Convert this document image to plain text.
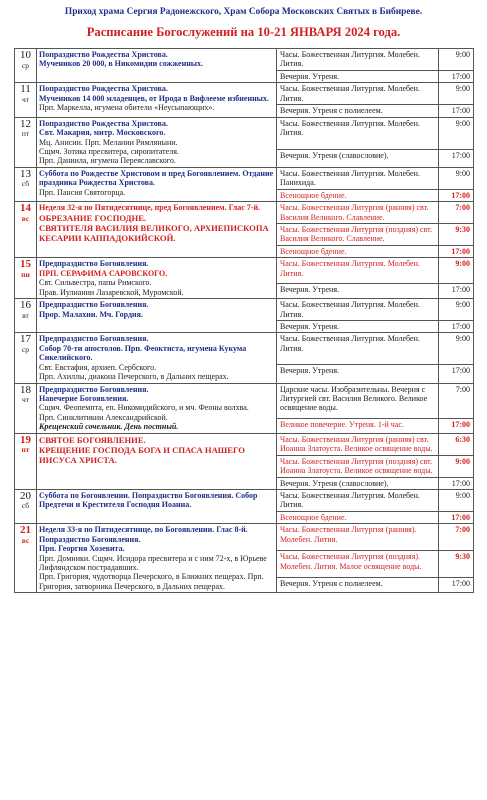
Приход храма Сергия Радонежского, Храм Собора Московских Святых в Бибиреве.
Расписание Богослужений на 10-21 ЯНВАРЯ 2024 года.
10
ср	Попразднство Рождества Христова.
Мучеников 20 000, в Никомидии сожженных.	Часы. Божественная Литургия. Молебен. Лития.	9:00
		Вечерня. Утреня.	17:00

11
чт	Попразднство Рождества Христова.
Мучеников 14 000 младенцев, от Ирода в Вифлееме избиенных.
Прп. Маркелла, игумена обители «Неусыпающих».	Часы. Божественная Литургия. Молебен. Лития.	9:00
		Вечерня. Утреня с полиелеем.	17:00

12
пт	Попразднство Рождества Христова.
Свт. Макария, митр. Московского.
Мц. Анисии. Прп. Мелании Римляныни.
Сщмч. Зотика пресвитера, сиропитателя.
Прп. Даниила, игумена Переяславского.	Часы. Божественная Литургия. Молебен. Лития.	9:00
		Вечерня. Утреня (славословие).	17:00

13
сб	Суббота по Рождестве Христовом и пред Богоявлением. Отдание праздника Рождества Христова.
Прп. Пансия Святогорца.	Часы. Божественная Литургия. Молебен. Панихида.	9:00
		Всенощное бдение.	17:00

14
вс	Неделя 32-я по Пятидесятнице, пред Богоявлением. Глас 7-й.
ОБРЕЗАНИЕ ГОСПОДНЕ.
СВЯТИТЕЛЯ ВАСИЛИЯ ВЕЛИКОГО, АРХИЕПИСКОПА КЕСАРИИ КАППАДОКИЙСКОЙ.	Часы. Божественная Литургия (ранняя) свт. Василия Великого. Славление.	7:00
		Часы. Божественная Литургия (поздняя) свт. Василия Великого. Славление.	9:30
		Всенощное бдение.	17:00

15
пн	Предпразднство Богоявления.
ПРП. СЕРАФИМА САРОВСКОГО.
Свт. Сильвестра, папы Римского.
Прав. Иулиании Лазаревской, Муромской.	Часы. Божественная Литургия. Молебен. Лития.	9:00
		Вечерня. Утреня.	17:00

16
вт	Предпразднство Богоявления.
Прор. Малахии. Мч. Гордия.	Часы. Божественная Литургия. Молебен. Лития.	9:00
		Вечерня. Утреня.	17:00

17
ср	Предпразднство Богоявления.
Собор 70-ти апостолов. Прп. Феоктиста, игумена Кукума Сикелийского.
Свт. Евстафия, архиеп. Сербского.
Прп. Ахиллы, диакона Печерского, в Дальних пещерах.	Часы. Божественная Литургия. Молебен. Лития.	9:00
		Вечерня. Утреня.	17:00

18
чт	Предпразднство Богоявления.
Навечерие Богоявления.
Сщмч. Феопемпта, еп. Никомидийского, и мч. Феоны волхва.
Прп. Синклитикии Александрийской.
Крещенский сочельник. День постный.	Царские часы. Изобразительны. Вечерня с Литургией свт. Василия Великого. Великое освящение воды.	7:00
		Великое повечерие. Утреня. 1-й час.	17:00

19
пт	СВЯТОЕ БОГОЯВЛЕНИЕ.
КРЕЩЕНИЕ ГОСПОДА БОГА И СПАСА НАШЕГО ИИСУСА ХРИСТА.	Часы. Божественная Литургия (ранняя) свт. Иоанна Златоуста. Великое освящение воды.	6:30
		Часы. Божественная Литургия (поздняя) свт. Иоанна Златоуста. Великое освящение воды.	9:00
		Вечерня. Утреня (славословие).	17:00

20
сб	Суббота по Богоявлении. Попразднство Богоявления. Собор Предтечи и Крестителя Господня Иоанна.	Часы. Божественная Литургия. Молебен. Лития.	9:00
		Всенощное бдение.	17:00

21
вс	Неделя 33-я по Пятидесятнице, по Богоявлении. Глас 8-й. Попразднство Богоявления.
Прп. Георгия Хозевита.
Прп. Домники. Сщмч. Исидора пресвитера и с ним 72-х, в Юрьеве Лифляндском пострадавших.
Прп. Григория, чудотворца Печерского, в Ближних пещерах. Прп. Григория, затворника Печерского, в Дальних пещерах.	Часы. Божественная Литургия (ранняя). Молебен. Лития.	7:00
		Часы. Божественная Литургия (поздняя). Молебен. Лития. Малое освящение воды.	9:30
		Вечерня. Утреня с полиелеем.	17:00
